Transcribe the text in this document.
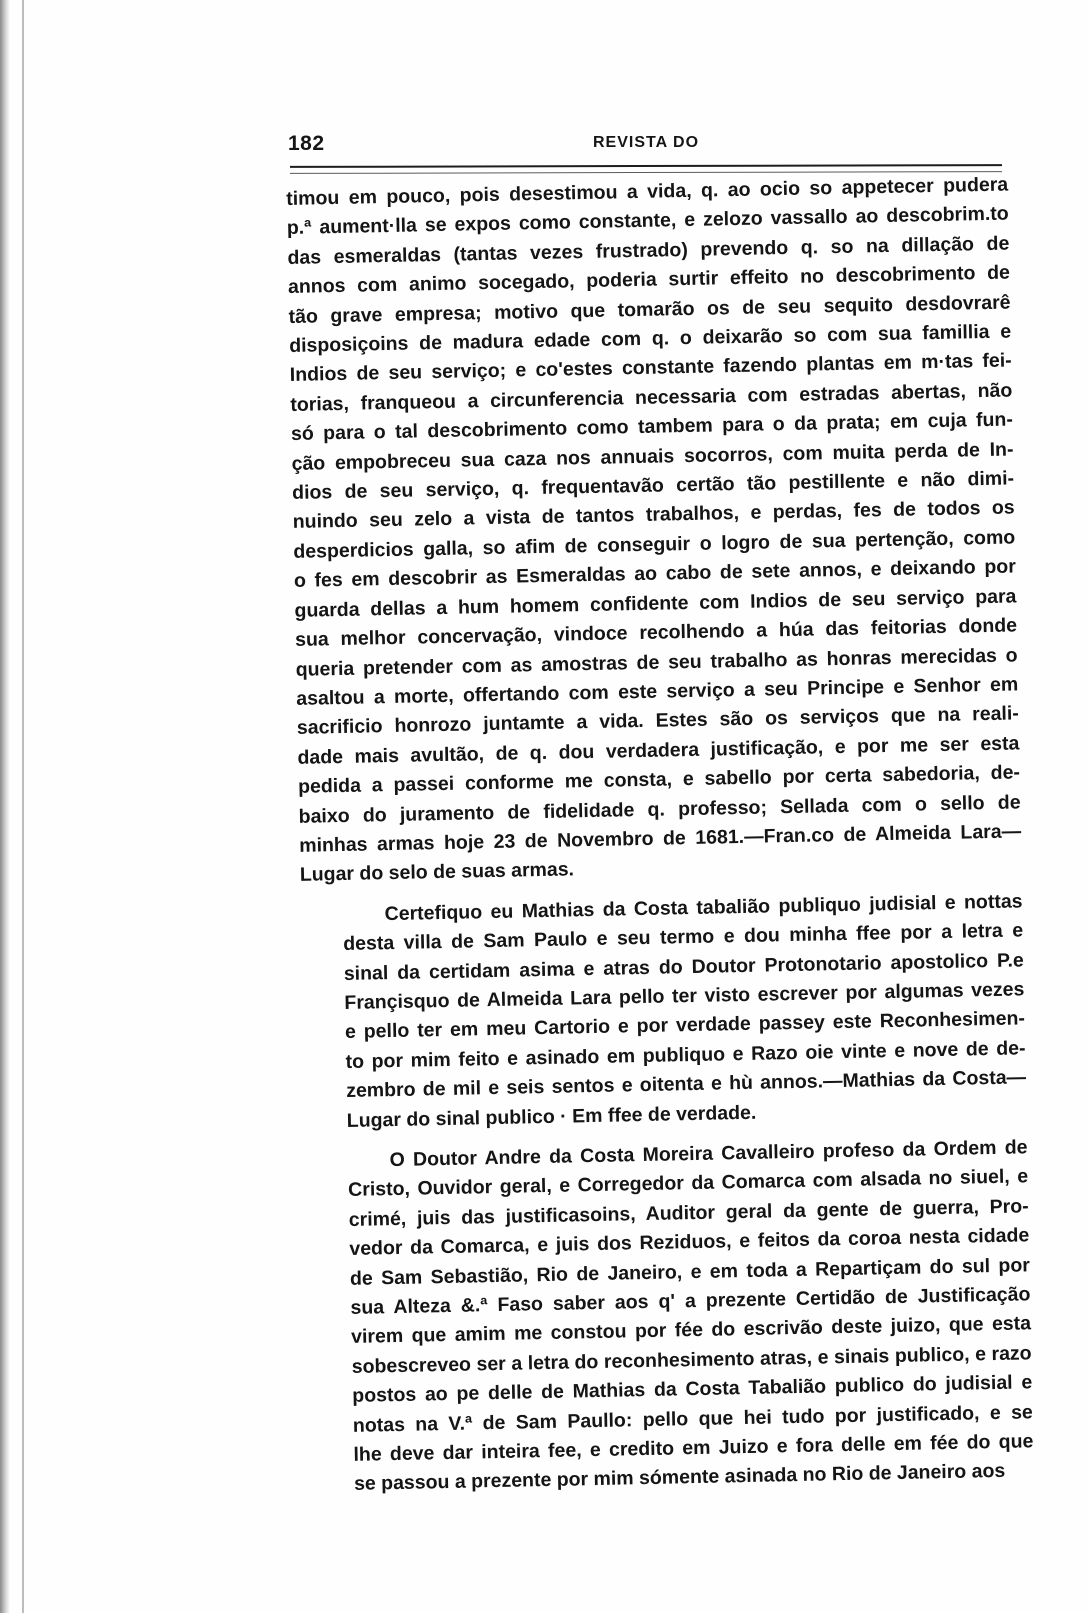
182	REVISTA DO
timou em pouco, pois desestimou a vida, q. ao ocio so appetecer pudera
p.ª aument·lla se expos como constante, e zelozo vassallo ao descobrim.to
das esmeraldas (tantas vezes frustrado) prevendo q. so na dillação de
annos com animo socegado, poderia surtir effeito no descobrimento de
tão grave empresa; motivo que tomarão os de seu sequito desdovrarê
disposiçoins de madura edade com q. o deixarão so com sua famillia e
Indios de seu serviço; e co'estes constante fazendo plantas em m·tas fei-
torias, franqueou a circunferencia necessaria com estradas abertas, não
só para o tal descobrimento como tambem para o da prata; em cuja fun-
ção empobreceu sua caza nos annuais socorros, com muita perda de In-
dios de seu serviço, q. frequentavão certão tão pestillente e não dimi-
nuindo seu zelo a vista de tantos trabalhos, e perdas, fes de todos os
desperdicios galla, so afim de conseguir o logro de sua pertenção, como
o fes em descobrir as Esmeraldas ao cabo de sete annos, e deixando por
guarda dellas a hum homem confidente com Indios de seu serviço para
sua melhor concervação, vindoce recolhendo a húa das feitorias donde
queria pretender com as amostras de seu trabalho as honras merecidas o
asaltou a morte, offertando com este serviço a seu Principe e Senhor em
sacrificio honrozo juntamte a vida. Estes são os serviços que na reali-
dade mais avultão, de q. dou verdadera justificação, e por me ser esta
pedida a passei conforme me consta, e sabello por certa sabedoria, de-
baixo do juramento de fidelidade q. professo; Sellada com o sello de
minhas armas hoje 23 de Novembro de 1681.—Fran.co de Almeida Lara—
Lugar do selo de suas armas.
Certefiquo eu Mathias da Costa tabalião publiquo judisial e nottas
desta villa de Sam Paulo e seu termo e dou minha ffee por a letra e
sinal da certidam asima e atras do Doutor Protonotario apostolico P.e
Françisquo de Almeida Lara pello ter visto escrever por algumas vezes
e pello ter em meu Cartorio e por verdade passey este Reconhesimen-
to por mim feito e asinado em publiquo e Razo oie vinte e nove de de-
zembro de mil e seis sentos e oitenta e hù annos.—Mathias da Costa—
Lugar do sinal publico · Em ffee de verdade.
O Doutor Andre da Costa Moreira Cavalleiro profeso da Ordem de
Cristo, Ouvidor geral, e Corregedor da Comarca com alsada no siuel, e
crimé, juis das justificasoins, Auditor geral da gente de guerra, Pro-
vedor da Comarca, e juis dos Reziduos, e feitos da coroa nesta cidade
de Sam Sebastião, Rio de Janeiro, e em toda a Repartiçam do sul por
sua Alteza &.ª Faso saber aos q' a prezente Certidão de Justificação
virem que amim me constou por fée do escrivão deste juizo, que esta
sobescreveo ser a letra do reconhesimento atras, e sinais publico, e razo
postos ao pe delle de Mathias da Costa Tabalião publico do judisial e
notas na V.ª de Sam Paullo: pello que hei tudo por justificado, e se
lhe deve dar inteira fee, e credito em Juizo e fora delle em fée do que
se passou a prezente por mim sómente asinada no Rio de Janeiro aos
